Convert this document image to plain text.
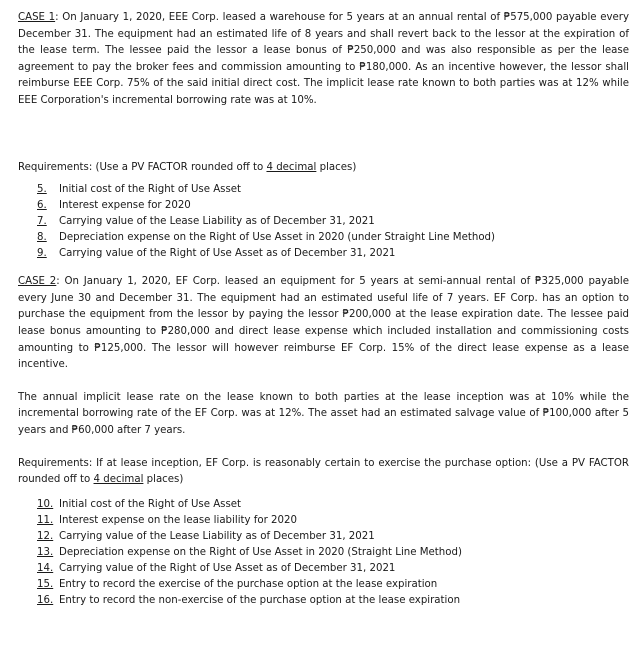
CASE 1: On January 1, 2020, EEE Corp. leased a warehouse for 5 years at an annual rental of ₱575,000 payable every December 31. The equipment had an estimated life of 8 years and shall revert back to the lessor at the expiration of the lease term. The lessee paid the lessor a lease bonus of ₱250,000 and was also responsible as per the lease agreement to pay the broker fees and commission amounting to ₱180,000. As an incentive however, the lessor shall reimburse EEE Corp. 75% of the said initial direct cost. The implicit lease rate known to both parties was at 12% while EEE Corporation's incremental borrowing rate was at 10%.

Requirements: (Use a PV FACTOR rounded off to 4 decimal places)

5.	Initial cost of the Right of Use Asset
6.	Interest expense for 2020
7.	Carrying value of the Lease Liability as of December 31, 2021
8.	Depreciation expense on the Right of Use Asset in 2020 (under Straight Line Method)
9.	Carrying value of the Right of Use Asset as of December 31, 2021

CASE 2: On January 1, 2020, EF Corp. leased an equipment for 5 years at semi-annual rental of ₱325,000 payable every June 30 and December 31. The equipment had an estimated useful life of 7 years. EF Corp. has an option to purchase the equipment from the lessor by paying the lessor ₱200,000 at the lease expiration date. The lessee paid lease bonus amounting to ₱280,000 and direct lease expense which included installation and commissioning costs amounting to ₱125,000. The lessor will however reimburse EF Corp. 15% of the direct lease expense as a lease incentive.

The annual implicit lease rate on the lease known to both parties at the lease inception was at 10% while the incremental borrowing rate of the EF Corp. was at 12%. The asset had an estimated salvage value of ₱100,000 after 5 years and ₱60,000 after 7 years.

Requirements: If at lease inception, EF Corp. is reasonably certain to exercise the purchase option: (Use a PV FACTOR rounded off to 4 decimal places)

10. Initial cost of the Right of Use Asset
11. Interest expense on the lease liability for 2020
12. Carrying value of the Lease Liability as of December 31, 2021
13. Depreciation expense on the Right of Use Asset in 2020 (Straight Line Method)
14. Carrying value of the Right of Use Asset as of December 31, 2021
15. Entry to record the exercise of the purchase option at the lease expiration
16. Entry to record the non-exercise of the purchase option at the lease expiration
